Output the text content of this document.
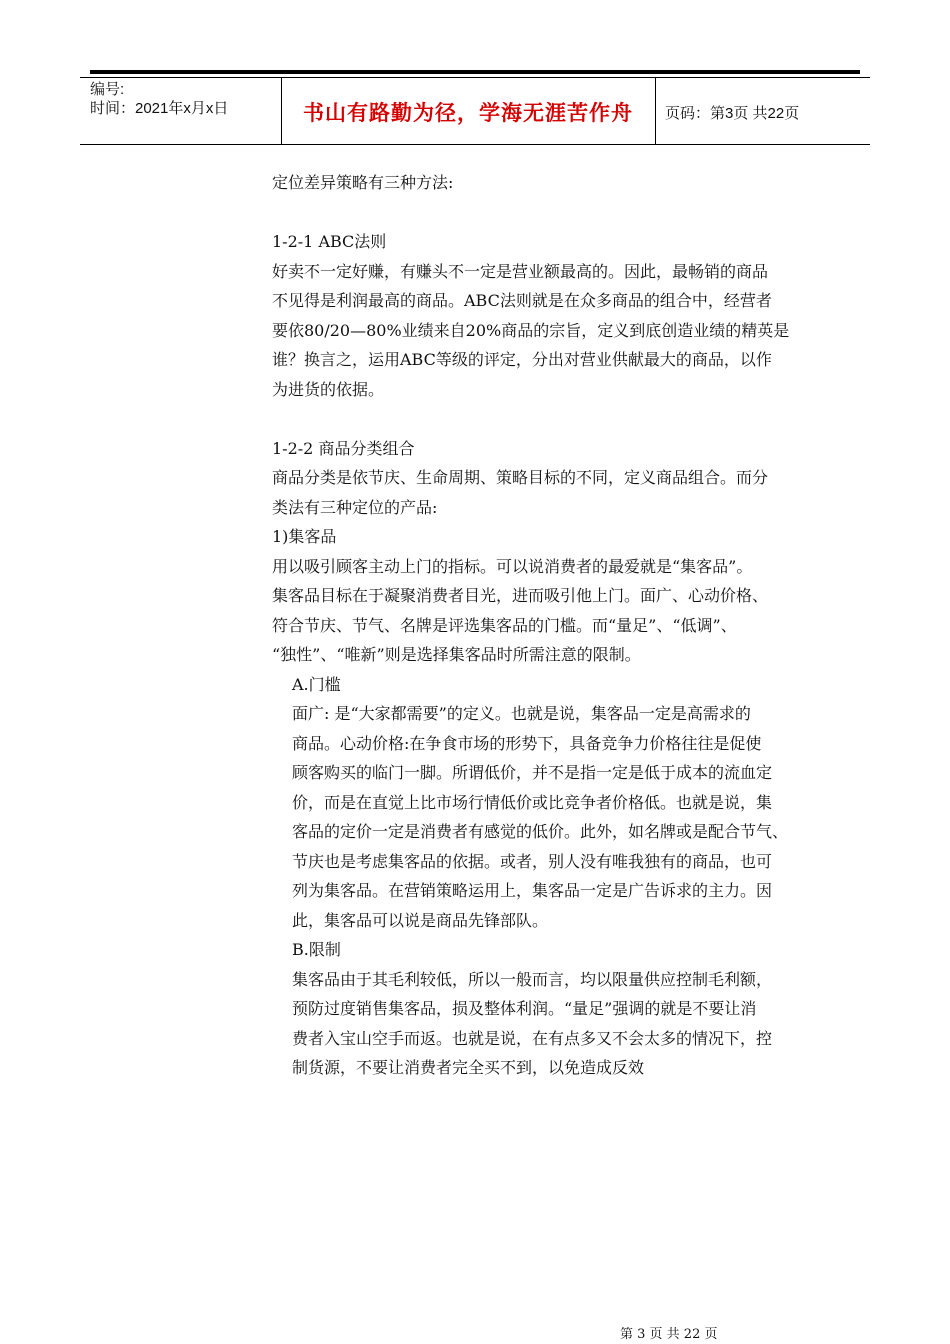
编号:
时间：2021年x月x日	书山有路勤为径，学海无涯苦作舟	页码：第3页 共22页

定位差异策略有三种方法:

1-2-1 ABC法则

好卖不一定好赚，有赚头不一定是营业额最高的。因此，最畅销的商品

不见得是利润最高的商品。ABC法则就是在众多商品的组合中，经营者

要依80/20—80%业绩来自20%商品的宗旨，定义到底创造业绩的精英是

谁？换言之，运用ABC等级的评定，分出对营业供献最大的商品，以作

为进货的依据。

1-2-2 商品分类组合

商品分类是依节庆、生命周期、策略目标的不同，定义商品组合。而分

类法有三种定位的产品:

1)集客品

用以吸引顾客主动上门的指标。可以说消费者的最爱就是“集客品”。

集客品目标在于凝聚消费者目光，进而吸引他上门。面广、心动价格、

符合节庆、节气、名牌是评选集客品的门槛。而“量足”、“低调”、

“独性”、“唯新”则是选择集客品时所需注意的限制。

A.门槛

面广: 是“大家都需要”的定义。也就是说，集客品一定是高需求的

商品。心动价格:在争食市场的形势下，具备竞争力价格往往是促使

顾客购买的临门一脚。所谓低价，并不是指一定是低于成本的流血定

价，而是在直觉上比市场行情低价或比竞争者价格低。也就是说，集

客品的定价一定是消费者有感觉的低价。此外，如名牌或是配合节气、

节庆也是考虑集客品的依据。或者，别人没有唯我独有的商品，也可

列为集客品。在营销策略运用上，集客品一定是广告诉求的主力。因

此，集客品可以说是商品先锋部队。

B.限制

集客品由于其毛利较低，所以一般而言，均以限量供应控制毛利额，

预防过度销售集客品，损及整体利润。“量足”强调的就是不要让消

费者入宝山空手而返。也就是说，在有点多又不会太多的情况下，控

制货源，不要让消费者完全买不到，以免造成反效

第 3 页 共 22 页
